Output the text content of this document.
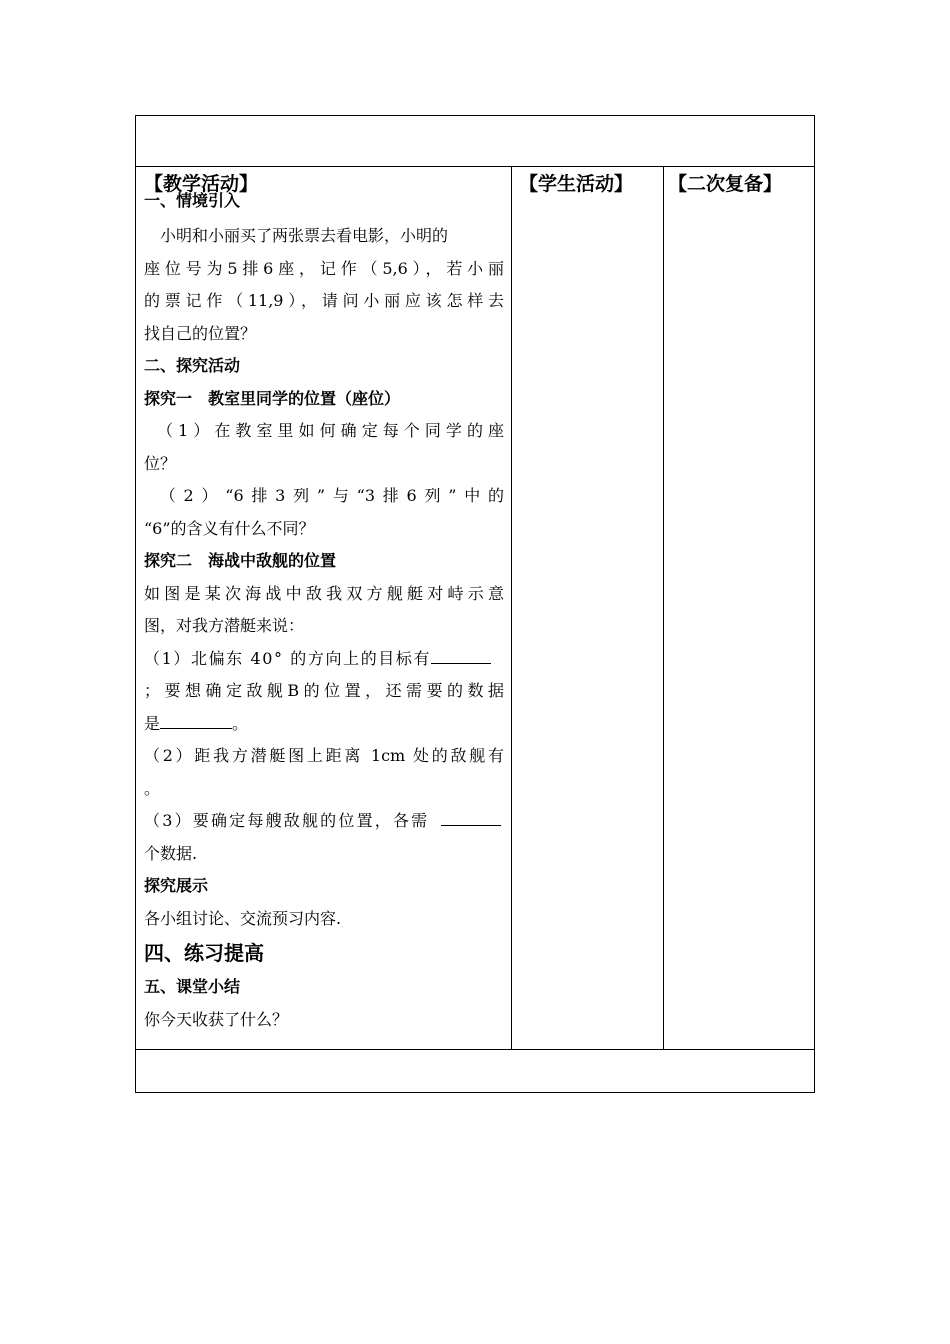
【教学活动】	【学生活动】 【二次复备】
一、情境引入
　小明和小丽买了两张票去看电影，小明的
座位号为5排6座，记作（5,6），若小丽
的票记作（11,9），请问小丽应该怎样去
找自己的位置？
二、探究活动
探究一　教室里同学的位置（座位）
　（1）在教室里如何确定每个同学的座
位？
　（2）“6排3列”与“3排6列”中的
“6”的含义有什么不同？
探究二　海战中敌舰的位置
如图是某次海战中敌我双方舰艇对峙示意
图，对我方潜艇来说：
（1）北偏东 40° 的方向上的目标有
；要想确定敌舰B的位置，还需要的数据
是	。
（2）距我方潜艇图上距离 1cm 处的敌舰有
。
（3）要确定每艘敌舰的位置，各需
个数据.
探究展示
各小组讨论、交流预习内容.
四、练习提高
五、课堂小结
你今天收获了什么？
